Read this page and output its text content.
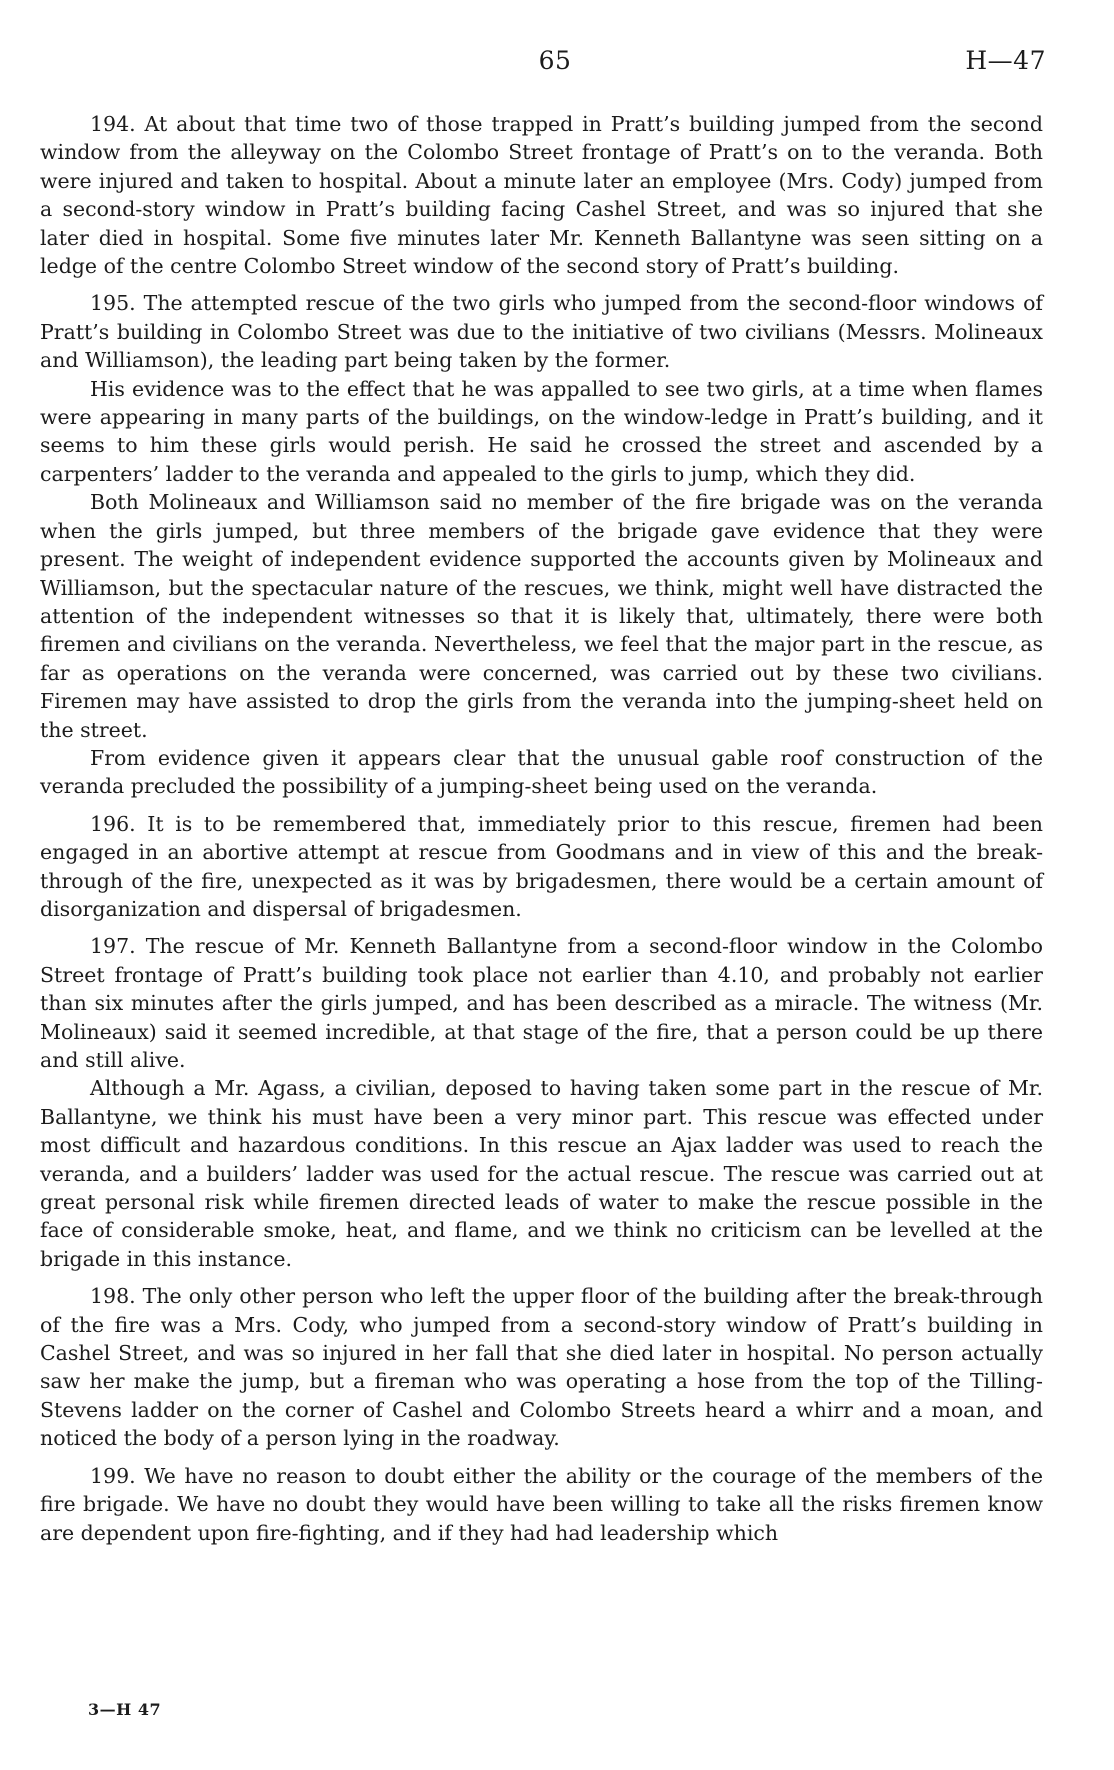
65	H—47

194. At about that time two of those trapped in Pratt’s building jumped from the second window from the alleyway on the Colombo Street frontage of Pratt’s on to the veranda. Both were injured and taken to hospital. About a minute later an employee (Mrs. Cody) jumped from a second-story window in Pratt’s building facing Cashel Street, and was so injured that she later died in hospital. Some five minutes later Mr. Kenneth Ballantyne was seen sitting on a ledge of the centre Colombo Street window of the second story of Pratt’s building.

195. The attempted rescue of the two girls who jumped from the second-floor windows of Pratt’s building in Colombo Street was due to the initiative of two civilians (Messrs. Molineaux and Williamson), the leading part being taken by the former.

His evidence was to the effect that he was appalled to see two girls, at a time when flames were appearing in many parts of the buildings, on the window-ledge in Pratt’s building, and it seems to him these girls would perish. He said he crossed the street and ascended by a carpenters’ ladder to the veranda and appealed to the girls to jump, which they did.

Both Molineaux and Williamson said no member of the fire brigade was on the veranda when the girls jumped, but three members of the brigade gave evidence that they were present. The weight of independent evidence supported the accounts given by Molineaux and Williamson, but the spectacular nature of the rescues, we think, might well have distracted the attention of the independent witnesses so that it is likely that, ultimately, there were both firemen and civilians on the veranda. Nevertheless, we feel that the major part in the rescue, as far as operations on the veranda were concerned, was carried out by these two civilians. Firemen may have assisted to drop the girls from the veranda into the jumping-sheet held on the street.

From evidence given it appears clear that the unusual gable roof construction of the veranda precluded the possibility of a jumping-sheet being used on the veranda.

196. It is to be remembered that, immediately prior to this rescue, firemen had been engaged in an abortive attempt at rescue from Goodmans and in view of this and the break-through of the fire, unexpected as it was by brigadesmen, there would be a certain amount of disorganization and dispersal of brigadesmen.

197. The rescue of Mr. Kenneth Ballantyne from a second-floor window in the Colombo Street frontage of Pratt’s building took place not earlier than 4.10, and probably not earlier than six minutes after the girls jumped, and has been described as a miracle. The witness (Mr. Molineaux) said it seemed incredible, at that stage of the fire, that a person could be up there and still alive.

Although a Mr. Agass, a civilian, deposed to having taken some part in the rescue of Mr. Ballantyne, we think his must have been a very minor part. This rescue was effected under most difficult and hazardous conditions. In this rescue an Ajax ladder was used to reach the veranda, and a builders’ ladder was used for the actual rescue. The rescue was carried out at great personal risk while firemen directed leads of water to make the rescue possible in the face of considerable smoke, heat, and flame, and we think no criticism can be levelled at the brigade in this instance.

198. The only other person who left the upper floor of the building after the break-through of the fire was a Mrs. Cody, who jumped from a second-story window of Pratt’s building in Cashel Street, and was so injured in her fall that she died later in hospital. No person actually saw her make the jump, but a fireman who was operating a hose from the top of the Tilling-Stevens ladder on the corner of Cashel and Colombo Streets heard a whirr and a moan, and noticed the body of a person lying in the roadway.

199. We have no reason to doubt either the ability or the courage of the members of the fire brigade. We have no doubt they would have been willing to take all the risks firemen know are dependent upon fire-fighting, and if they had had leadership which

3—H 47
